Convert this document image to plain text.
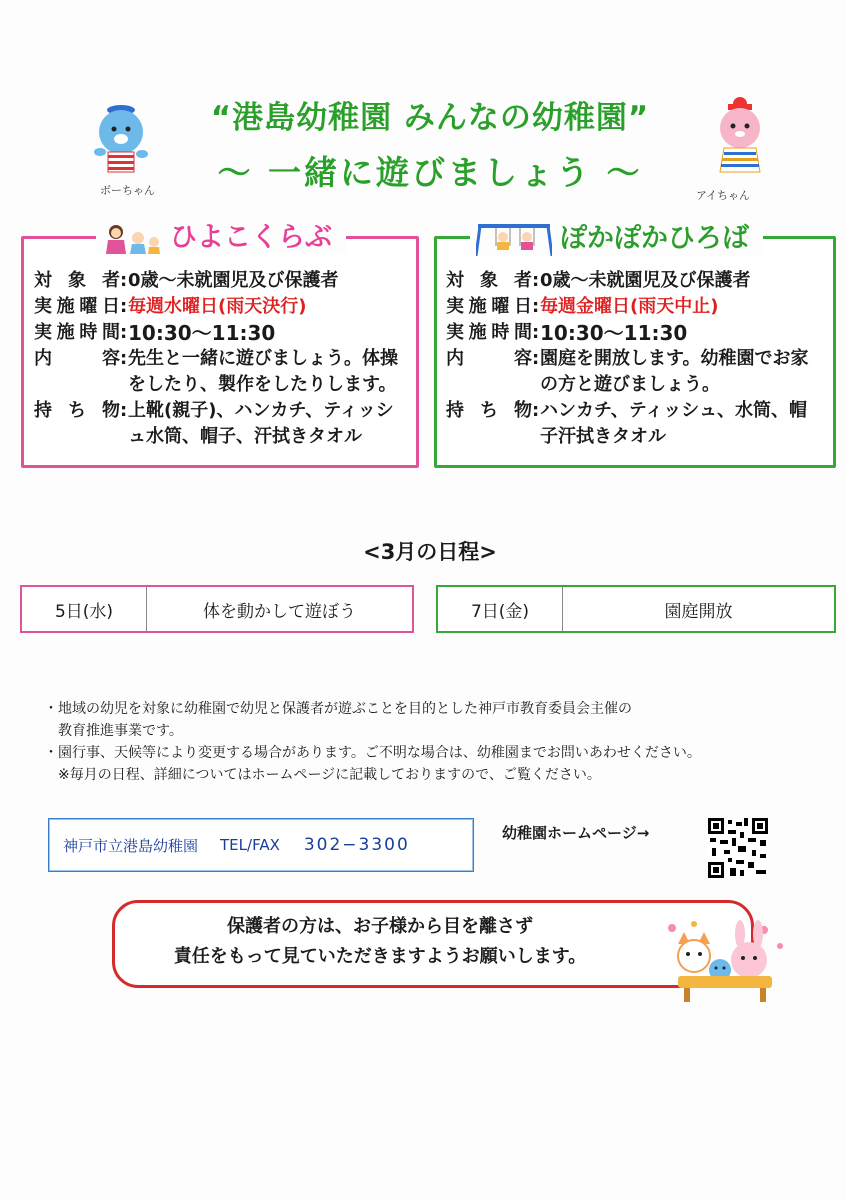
“港島幼稚園 みんなの幼稚園”
〜 一緒に遊びましょう 〜
ボーちゃん	アイちゃん
ひよこくらぶ
対象者 : 0歳〜未就園児及び保護者
実施曜日 : 毎週水曜日(雨天決行)
実施時間 : 10:30〜11:30
内容 : 先生と一緒に遊びましょう。体操をしたり、製作をしたりします。
持ち物 : 上靴(親子)、ハンカチ、ティッシュ水筒、帽子、汗拭きタオル
ぽかぽかひろば
対象者 : 0歳〜未就園児及び保護者
実施曜日 : 毎週金曜日(雨天中止)
実施時間 : 10:30〜11:30
内容 : 園庭を開放します。幼稚園でお家の方と遊びましょう。
持ち物 : ハンカチ、ティッシュ、水筒、帽子汗拭きタオル
<3月の日程>
5日(水)	体を動かして遊ぼう	7日(金)	園庭開放
・地域の幼児を対象に幼稚園で幼児と保護者が遊ぶことを目的とした神戸市教育委員会主催の
教育推進事業です。
・園行事、天候等により変更する場合があります。ご不明な場合は、幼稚園までお問いあわせください。
※毎月の日程、詳細についてはホームページに記載しておりますので、ご覧ください。
神戸市立港島幼稚園 TEL/FAX 302−3300
幼稚園ホームページ→
保護者の方は、お子様から目を離さず
責任をもって見ていただきますようお願いします。
